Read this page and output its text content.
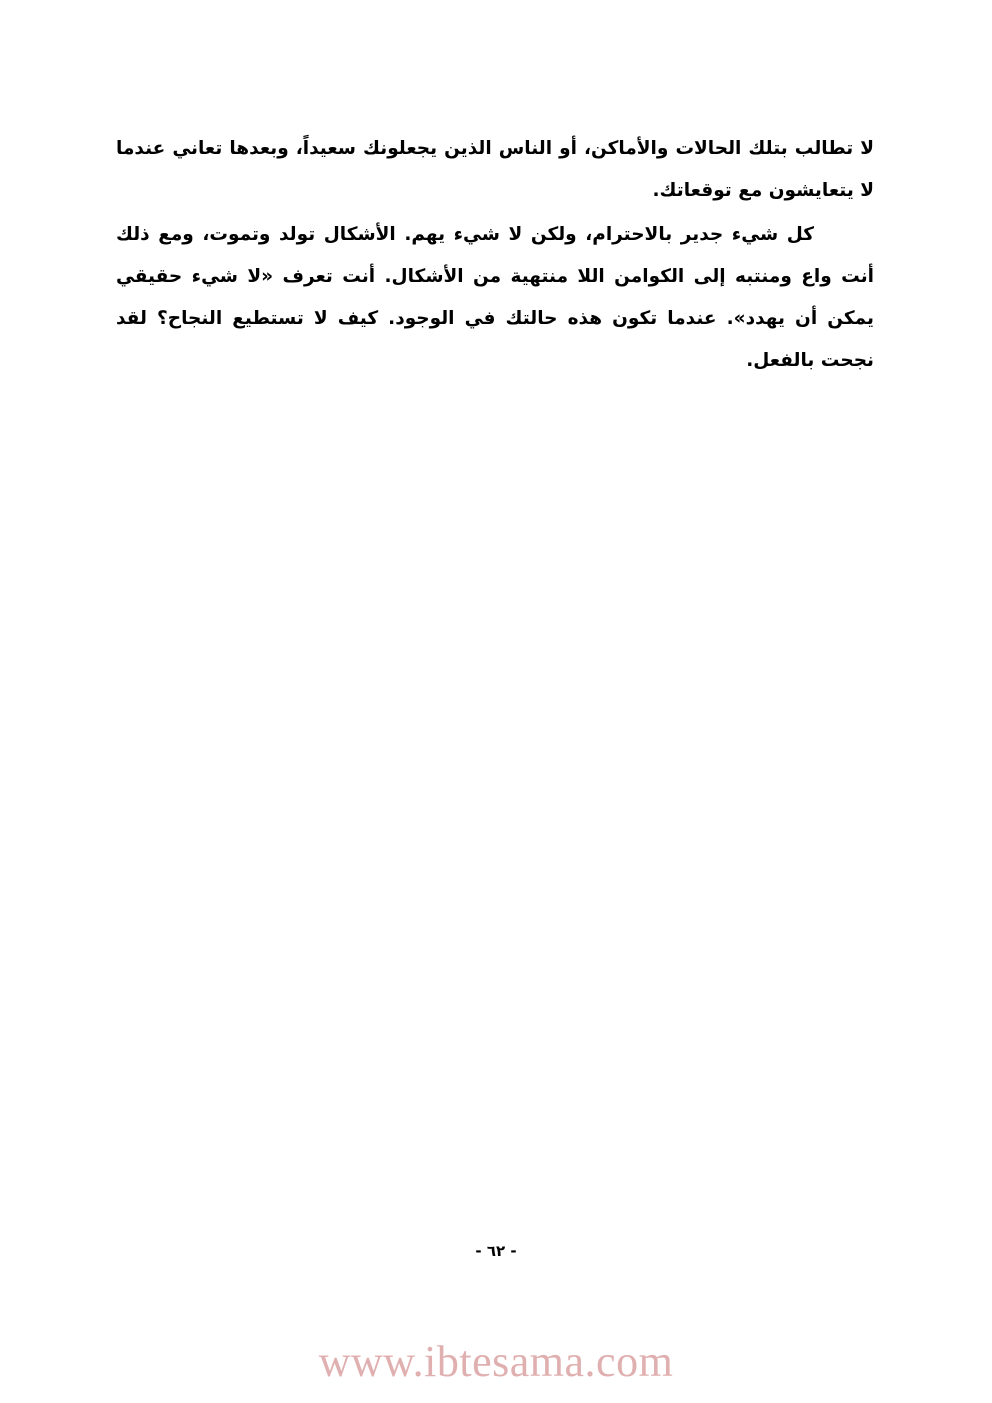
لا تطالب بتلك الحالات والأماكن، أو الناس الذين يجعلونك سعيداً، وبعدها تعاني عندما لا يتعايشون مع توقعاتك.

كل شيء جدير بالاحترام، ولكن لا شيء يهم. الأشكال تولد وتموت، ومع ذلك أنت واع ومنتبه إلى الكوامن اللا منتهية من الأشكال. أنت تعرف «لا شيء حقيقي يمكن أن يهدد». عندما تكون هذه حالتك في الوجود. كيف لا تستطيع النجاح؟ لقد نجحت بالفعل.

- ٦٢ -
www.ibtesama.com
